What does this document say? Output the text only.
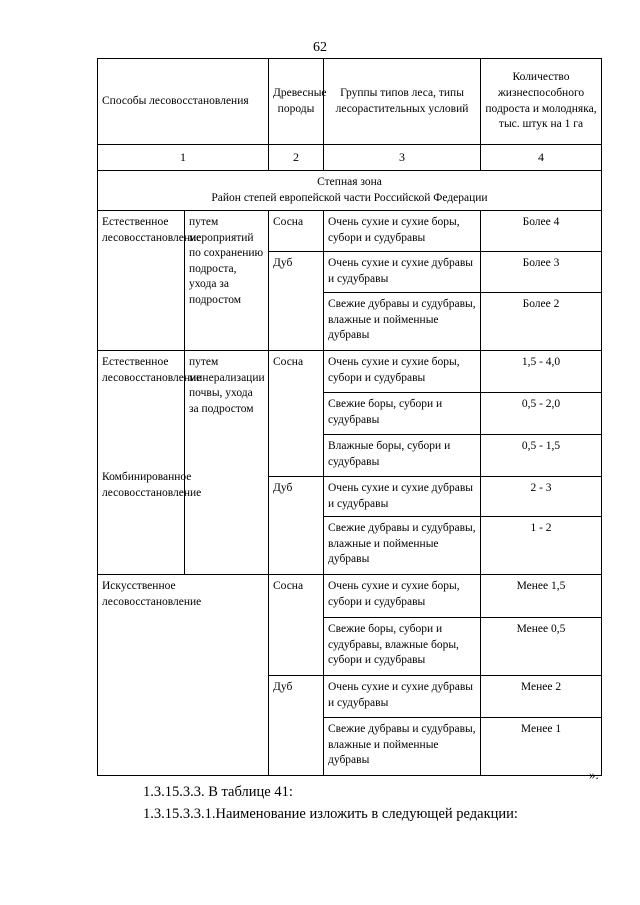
62
Способы лесовосстановления		Древесные породы	Группы типов леса, типы лесорастительных условий	Количество жизнеспособного подроста и молодняка, тыс. штук на 1 га
1		2	3	4

Степная зона
Район степей европейской части Российской Федерации				

Естественное лесовосстановление	путем мероприятий по сохранению подроста, ухода за подростом	Сосна	Очень сухие и сухие боры, субори и судубравы	Более 4
		Дуб	Очень сухие и сухие дубравы и судубравы	Более 3
			Свежие дубравы и судубравы, влажные и пойменные дубравы	Более 2

Естественное лесовосстановление
Комбинированное лесовосстановление	путем минерализации почвы, ухода за подростом	Сосна	Очень сухие и сухие боры, субори и судубравы	1,5 - 4,0
			Свежие боры, субори и судубравы	0,5 - 2,0
			Влажные боры, субори и судубравы	0,5 - 1,5
		Дуб	Очень сухие и сухие дубравы и судубравы	2 - 3
			Свежие дубравы и судубравы, влажные и пойменные дубравы	1 - 2
Искусственное лесовосстановление		Сосна	Очень сухие и сухие боры, субори и судубравы	Менее 1,5
			Свежие боры, субори и судубравы, влажные боры, субори и судубравы	Менее 0,5
		Дуб	Очень сухие и сухие дубравы и судубравы	Менее 2
			Свежие дубравы и судубравы, влажные и пойменные дубравы	Менее 1
».
1.3.15.3.3. В таблице 41:
1.3.15.3.3.1.Наименование изложить в следующей редакции:
